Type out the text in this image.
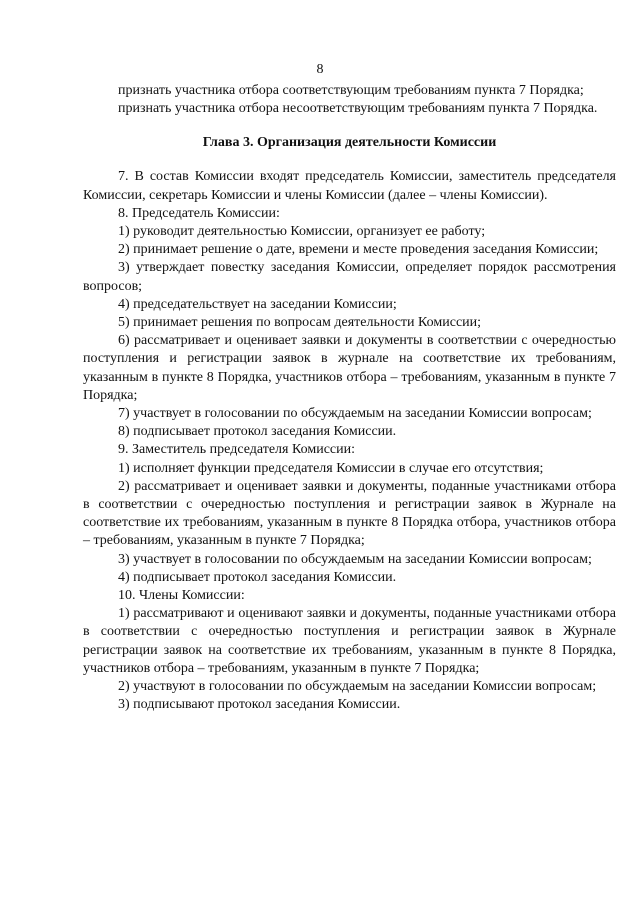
8

признать участника отбора соответствующим требованиям пункта 7 Порядка;

признать участника отбора несоответствующим требованиям пункта 7 Порядка.

Глава 3. Организация деятельности Комиссии

7. В состав Комиссии входят председатель Комиссии, заместитель председателя Комиссии, секретарь Комиссии и члены Комиссии (далее – члены Комиссии).

8. Председатель Комиссии:

1) руководит деятельностью Комиссии, организует ее работу;

2) принимает решение о дате, времени и месте проведения заседания Комиссии;

3) утверждает повестку заседания Комиссии, определяет порядок рассмотрения вопросов;

4) председательствует на заседании Комиссии;

5) принимает решения по вопросам деятельности Комиссии;

6) рассматривает и оценивает заявки и документы в соответствии с очередностью поступления и регистрации заявок в журнале на соответствие их требованиям, указанным в пункте 8 Порядка, участников отбора – требованиям, указанным в пункте 7 Порядка;

7) участвует в голосовании по обсуждаемым на заседании Комиссии вопросам;

8) подписывает протокол заседания Комиссии.

9. Заместитель председателя Комиссии:

1) исполняет функции председателя Комиссии в случае его отсутствия;

2) рассматривает и оценивает заявки и документы, поданные участниками отбора в соответствии с очередностью поступления и регистрации заявок в Журнале на соответствие их требованиям, указанным в пункте 8 Порядка отбора, участников отбора – требованиям, указанным в пункте 7 Порядка;

3) участвует в голосовании по обсуждаемым на заседании Комиссии вопросам;

4) подписывает протокол заседания Комиссии.

10. Члены Комиссии:

1) рассматривают и оценивают заявки и документы, поданные участниками отбора в соответствии с очередностью поступления и регистрации заявок в Журнале регистрации заявок на соответствие их требованиям, указанным в пункте 8 Порядка, участников отбора – требованиям, указанным в пункте 7 Порядка;

2) участвуют в голосовании по обсуждаемым на заседании Комиссии вопросам;

3) подписывают протокол заседания Комиссии.
